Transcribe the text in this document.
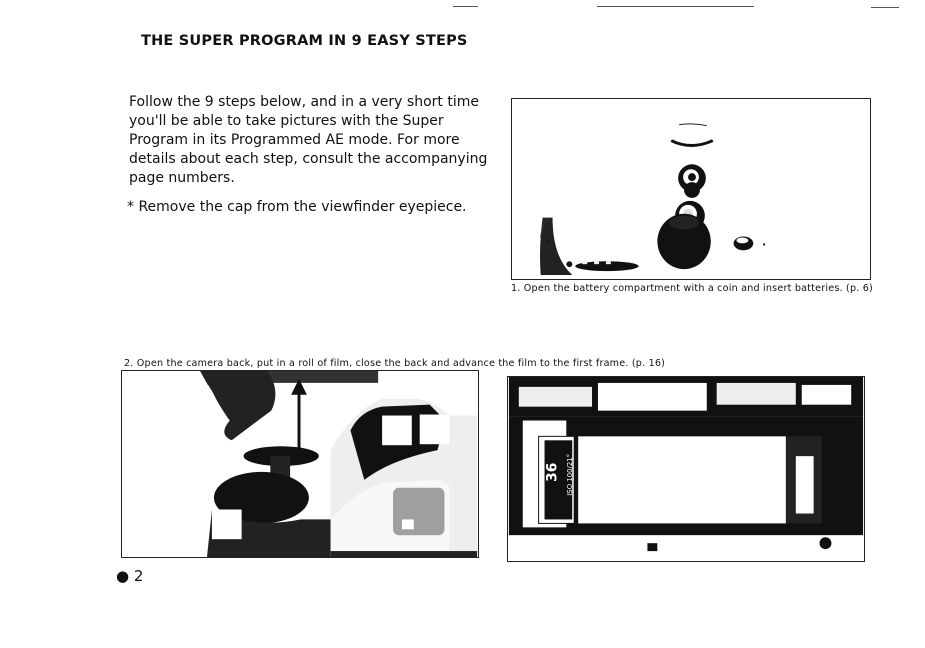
THE SUPER PROGRAM IN 9 EASY STEPS
Follow the 9 steps below, and in a very short time you'll be able to take pictures with the Super Program in its Programmed AE mode. For more details about each step, consult the accompanying page numbers.
* Remove the cap from the viewfinder eyepiece.
1. Open the battery compartment with a coin and insert batteries. (p. 6)
2. Open the camera back, put in a roll of film, close the back and advance the film to the first frame. (p. 16)
36 ISO 100/21°
● 2
